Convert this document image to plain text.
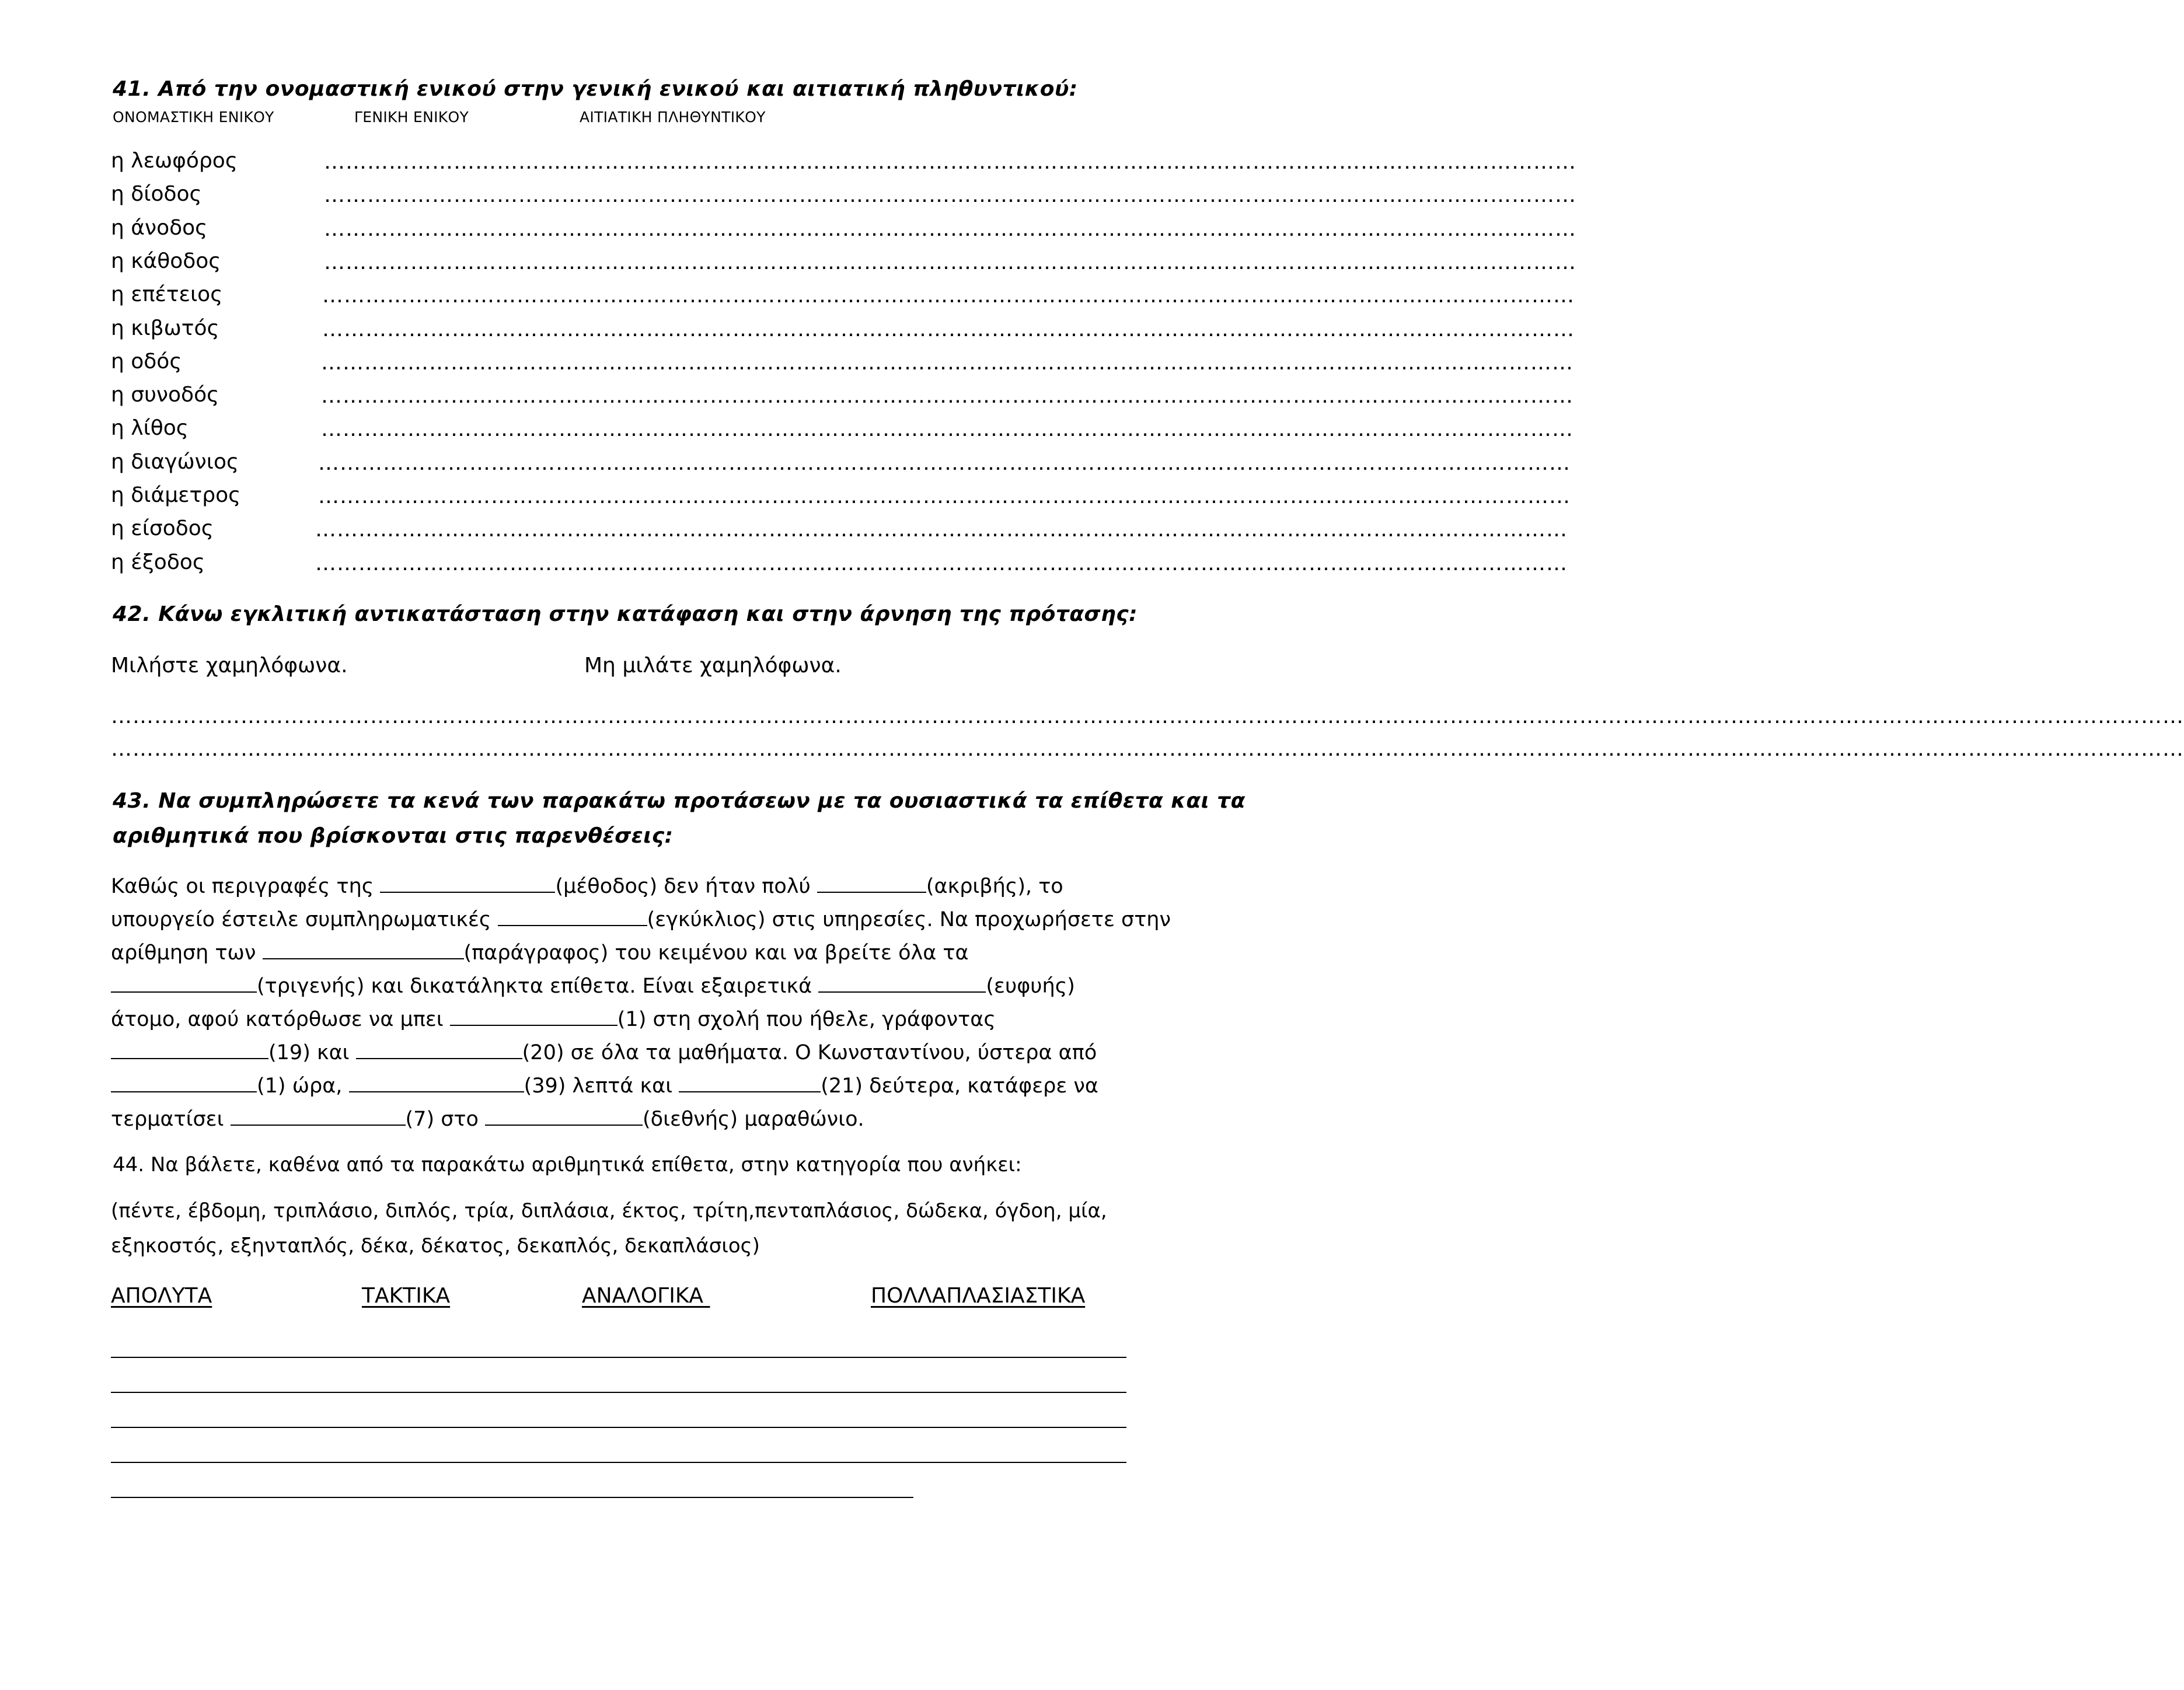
41. Από την ονομαστική ενικού στην γενική ενικού και αιτιατική πληθυντικού:
ΟΝΟΜΑΣΤΙΚΗ ΕΝΙΚΟΥ	ΓΕΝΙΚΗ ΕΝΙΚΟΥ	ΑΙΤΙΑΤΙΚΗ ΠΛΗΘΥΝΤΙΚΟΥ
η λεωφόρος	…………………………………………………………………………………………………………………………………………………………
η δίοδος	…………………………………………………………………………………………………………………………………………………………
η άνοδος	…………………………………………………………………………………………………………………………………………………………
η κάθοδος	…………………………………………………………………………………………………………………………………………………………
η επέτειος	…………………………………………………………………………………………………………………………………………………………
η κιβωτός	…………………………………………………………………………………………………………………………………………………………
η οδός	…………………………………………………………………………………………………………………………………………………………
η συνοδός	…………………………………………………………………………………………………………………………………………………………
η λίθος	…………………………………………………………………………………………………………………………………………………………
η διαγώνιος	…………………………………………………………………………………………………………………………………………………………
η διάμετρος	…………………………………………………………………………………………………………………………………………………………
η είσοδος	…………………………………………………………………………………………………………………………………………………………
η έξοδος	…………………………………………………………………………………………………………………………………………………………
42. Κάνω εγκλιτική αντικατάσταση στην κατάφαση και στην άρνηση της πρότασης:
Μιλήστε χαμηλόφωνα.	Μη μιλάτε χαμηλόφωνα.
………………………………………………………………………………………………………………………………………………………………………………………………………………………………………………………………
………………………………………………………………………………………………………………………………………………………………………………………………………………………………………………………………
43. Να συμπληρώσετε τα κενά των παρακάτω προτάσεων με τα ουσιαστικά τα επίθετα και τα
αριθμητικά που βρίσκονται στις παρενθέσεις:
Καθώς οι περιγραφές της	(μέθοδος) δεν ήταν πολύ	(ακριβής), το
υπουργείο έστειλε συμπληρωματικές	(εγκύκλιος) στις υπηρεσίες. Να προχωρήσετε στην
αρίθμηση των	(παράγραφος) του κειμένου και να βρείτε όλα τα
(τριγενής) και δικατάληκτα επίθετα. Είναι εξαιρετικά	(ευφυής)
άτομο, αφού κατόρθωσε να μπει	(1) στη σχολή που ήθελε, γράφοντας
(19) και	(20) σε όλα τα μαθήματα. Ο Κωνσταντίνου, ύστερα από
(1) ώρα,	(39) λεπτά και	(21) δεύτερα, κατάφερε να
τερματίσει	(7) στο	(διεθνής) μαραθώνιο.
44. Να βάλετε, καθένα από τα παρακάτω αριθμητικά επίθετα, στην κατηγορία που ανήκει:
(πέντε, έβδομη, τριπλάσιο, διπλός, τρία, διπλάσια, έκτος, τρίτη,πενταπλάσιος, δώδεκα, όγδοη, μία,
εξηκοστός, εξηνταπλός, δέκα, δέκατος, δεκαπλός, δεκαπλάσιος)
ΑΠΟΛΥΤΑ	ΤΑΚΤΙΚΑ	ΑΝΑΛΟΓΙΚΑ	ΠΟΛΛΑΠΛΑΣΙΑΣΤΙΚΑ
